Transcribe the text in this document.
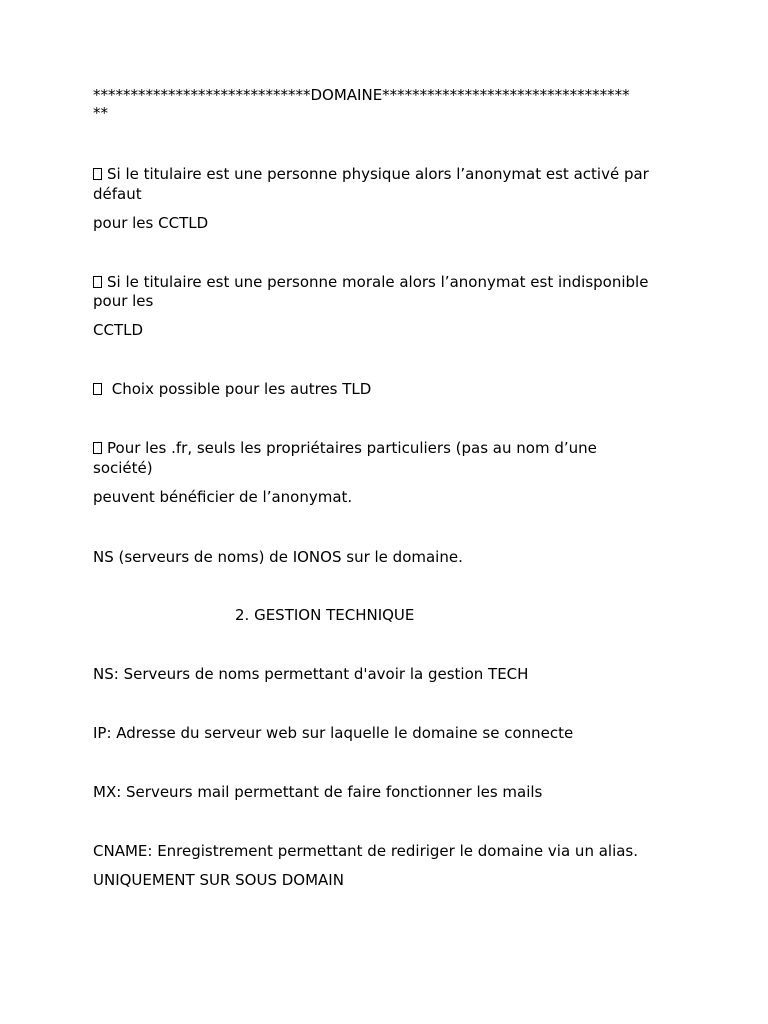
*****************************DOMAINE*********************************
**
Si le titulaire est une personne physique alors l’anonymat est activé par
défaut
pour les CCTLD
Si le titulaire est une personne morale alors l’anonymat est indisponible
pour les
CCTLD
Choix possible pour les autres TLD
Pour les .fr, seuls les propriétaires particuliers (pas au nom d’une
société)
peuvent bénéficier de l’anonymat.
NS (serveurs de noms) de IONOS sur le domaine.
2. GESTION TECHNIQUE
NS: Serveurs de noms permettant d'avoir la gestion TECH
IP: Adresse du serveur web sur laquelle le domaine se connecte
MX: Serveurs mail permettant de faire fonctionner les mails
CNAME: Enregistrement permettant de rediriger le domaine via un alias.
UNIQUEMENT SUR SOUS DOMAIN
